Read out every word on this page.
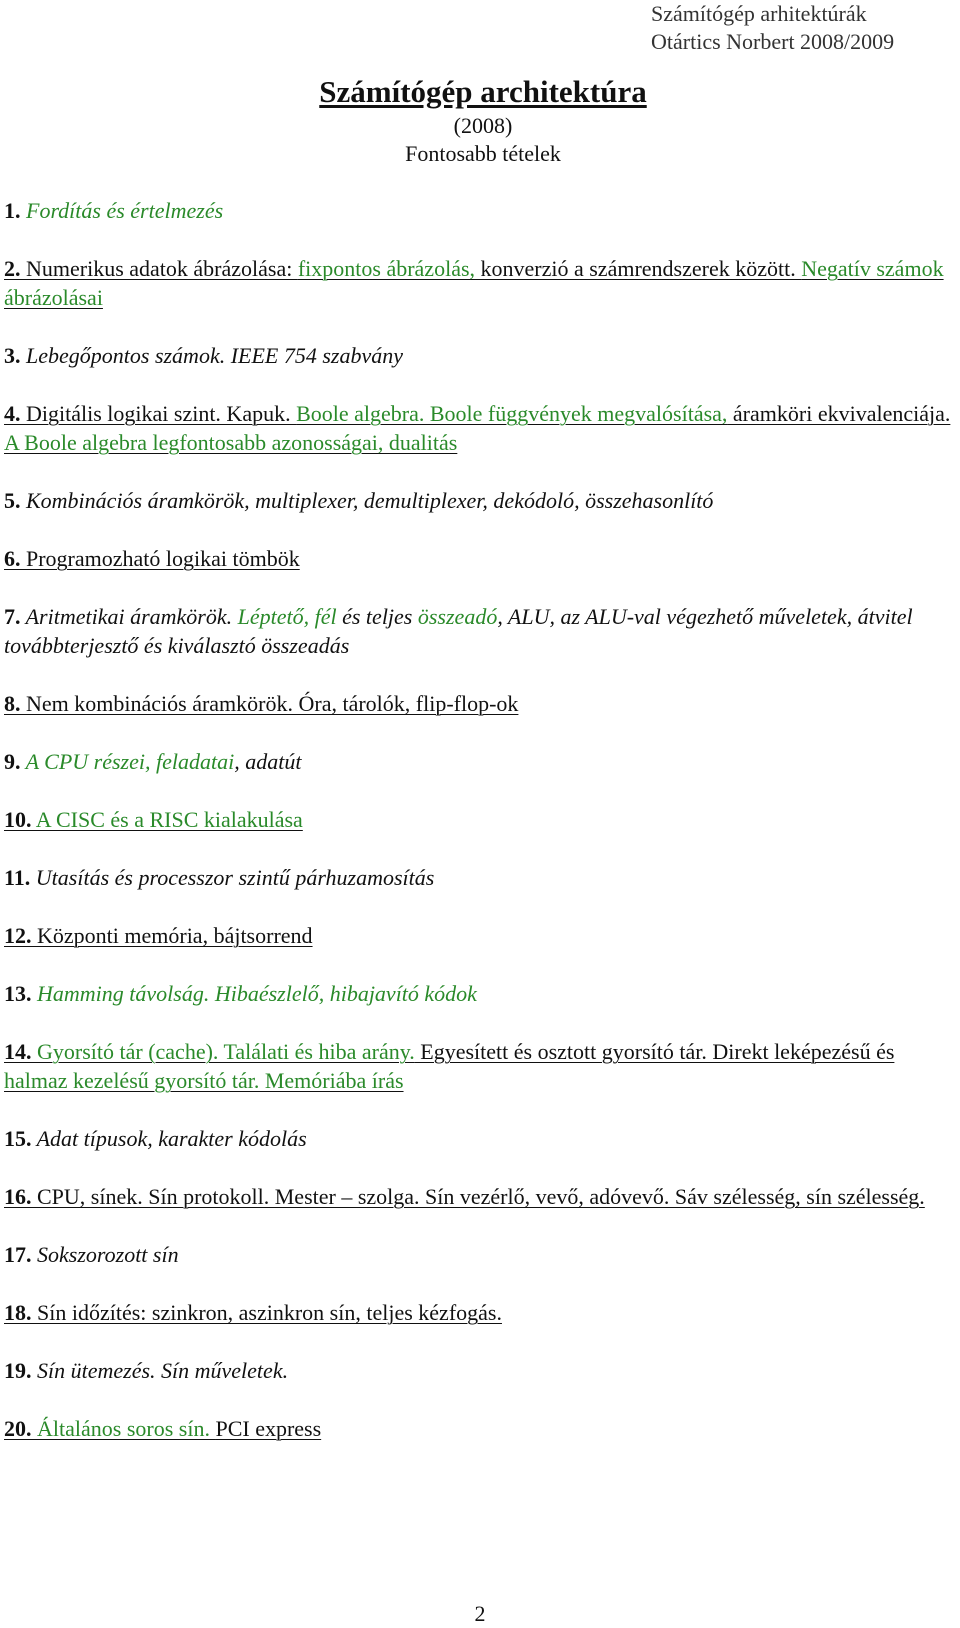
Számítógép arhitektúrák
Otártics Norbert 2008/2009
Számítógép architektúra
(2008)
Fontosabb tételek

1. Fordítás és értelmezés

2. Numerikus adatok ábrázolása: fixpontos ábrázolás, konverzió a számrendszerek között. Negatív számok ábrázolásai

3. Lebegőpontos számok. IEEE 754 szabvány

4. Digitális logikai szint. Kapuk. Boole algebra. Boole függvények megvalósítása, áramköri ekvivalenciája. A Boole algebra legfontosabb azonosságai, dualitás

5. Kombinációs áramkörök, multiplexer, demultiplexer, dekódoló, összehasonlító

6. Programozható logikai tömbök

7. Aritmetikai áramkörök. Léptető, fél és teljes összeadó, ALU, az ALU-val végezhető műveletek, átvitel továbbterjesztő és kiválasztó összeadás

8. Nem kombinációs áramkörök. Óra, tárolók, flip-flop-ok

9. A CPU részei, feladatai, adatút

10. A CISC és a RISC kialakulása

11. Utasítás és processzor szintű párhuzamosítás

12. Központi memória, bájtsorrend

13. Hamming távolság. Hibaészlelő, hibajavító kódok

14. Gyorsító tár (cache). Találati és hiba arány. Egyesített és osztott gyorsító tár. Direkt leképezésű és halmaz kezelésű gyorsító tár. Memóriába írás

15. Adat típusok, karakter kódolás

16. CPU, sínek. Sín protokoll. Mester – szolga. Sín vezérlő, vevő, adóvevő. Sáv szélesség, sín szélesség.

17. Sokszorozott sín

18. Sín időzítés: szinkron, aszinkron sín, teljes kézfogás.

19. Sín ütemezés. Sín műveletek.

20. Általános soros sín. PCI express

2
